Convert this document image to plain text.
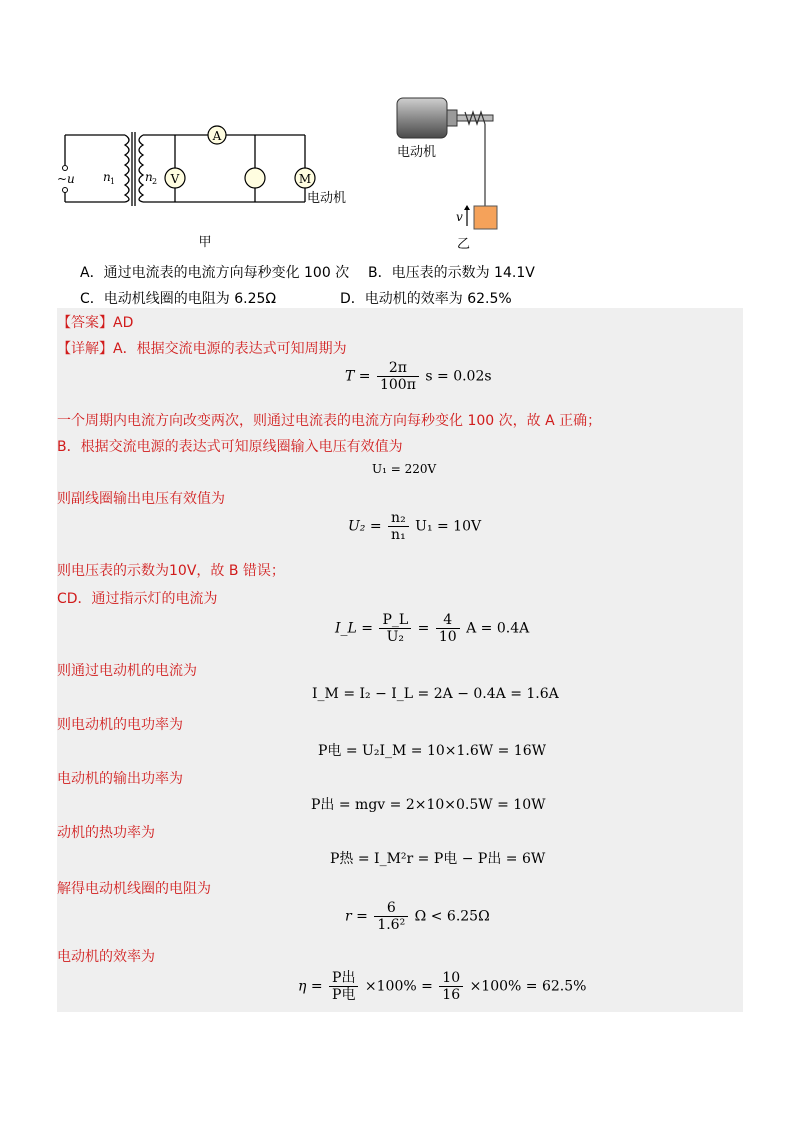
A
V	M
~u n 1 n 2
电动机
甲
v
电动机
乙
A．通过电流表的电流方向每秒变化 100 次 B．电压表的示数为 14.1V
C．电动机线圈的电阻为 6.25Ω	D．电动机的效率为 62.5%
【答案】AD
【详解】A．根据交流电源的表达式可知周期为
$T = \frac{2\pi}{100\pi}$ s = 0.02s
一个周期内电流方向改变两次，则通过电流表的电流方向每秒变化 100 次，故 A 正确；
B．根据交流电源的表达式可知原线圈输入电压有效值为
U₁ = 220V
则副线圈输出电压有效值为
$U_2 = \frac{\text{n₂}}{\text{n₁}} U_1 = 10V$
则电压表的示数为10V，故 B 错误；
CD．通过指示灯的电流为
I_L = $\frac{P\_L}{\text{U₂}} = \frac{4}{10}$ A = 0.4A
则通过电动机的电流为
I_M = I₂ − I_L = 2A − 0.4A = 1.6A
则电动机的电功率为
P电 = U₂I_M = 10×1.6W = 16W
电动机的输出功率为
P出 = mgv = 2×10×0.5W = 10W
动机的热功率为
P热 = I_M²r = P电 − P出 = 6W
解得电动机线圈的电阻为
$r = \frac{6}{\text{1.6²}}$ Ω < 6.25Ω
电动机的效率为
$\eta = \frac{\text{P出}}{\text{P电}} \times 100\% = \frac{10}{16} \times 100\% = 62.5\%$
